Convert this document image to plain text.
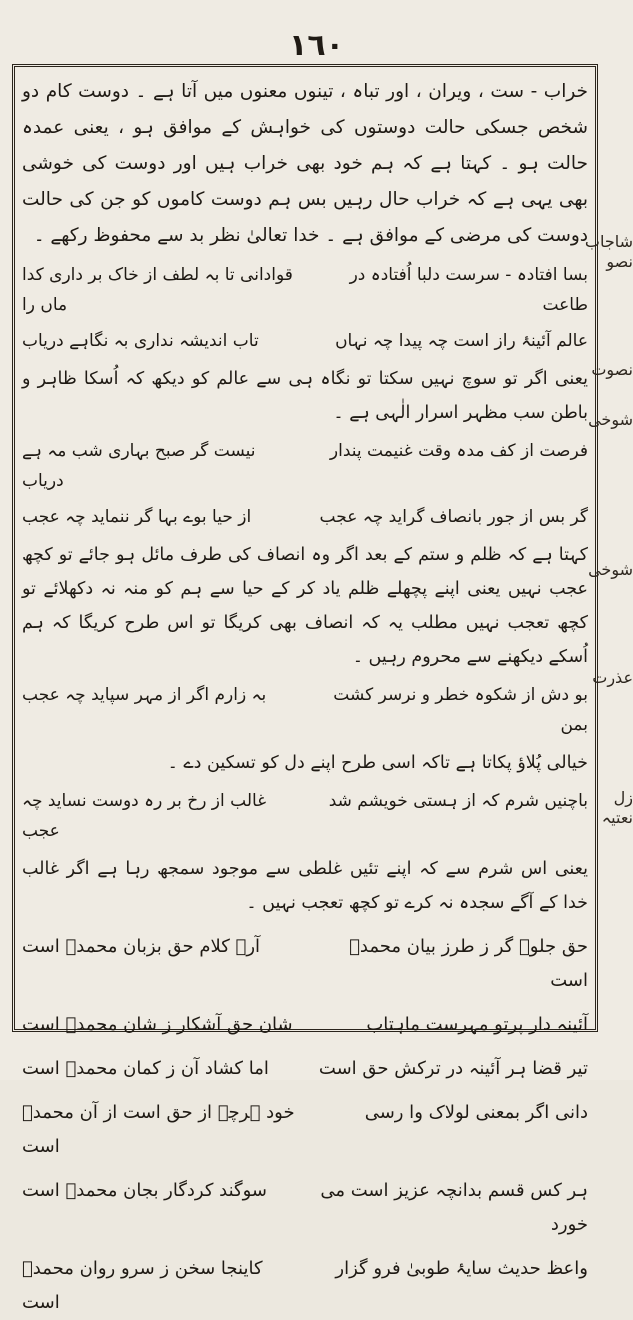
١٦٠

خراب - ست ، ویران ، اور تباہ ، تینوں معنوں میں آتا ہے ۔ دوست کام دو شخص جسکی حالت دوستوں کی خواہش کے موافق ہو ، یعنی عمدہ حالت ہو ۔ کہتا ہے کہ ہم خود بھی خراب ہیں اور دوست کی خوشی بھی یہی ہے کہ خراب حال رہیں بس ہم دوست کاموں کو جن کی حالت دوست کی مرضی کے موافق ہے ۔ خدا تعالیٰ نظر بد سے محفوظ رکھے ۔

بسا افتادہ - سرست دلبا اُفتادہ در طاعت
قوادانی تا بہ لطف از خاک بر داری کدا ماں را
عالم آئینۂ راز است چہ پیدا چہ نہاں
تاب اندیشہ نداری بہ نگاہے دریاب

یعنی اگر تو سوچ نہیں سکتا تو نگاہ ہی سے عالم کو دیکھ کہ اُسکا ظاہر و باطن سب مظہر اسرار الٰہی ہے ۔

فرصت از کف مدہ وقت غنیمت پندار
نیست گر صبح بہاری شب مہ ہے دریاب
گر بس از جور بانصاف گراید چہ عجب
از حیا بوے بہا گر ننماید چہ عجب

کہتا ہے کہ ظلم و ستم کے بعد اگر وہ انصاف کی طرف مائل ہو جائے تو کچھ عجب نہیں یعنی اپنے پچھلے ظلم یاد کر کے حیا سے ہم کو منہ نہ دکھلائے تو کچھ تعجب نہیں مطلب یہ کہ انصاف بھی کریگا تو اس طرح کریگا کہ ہم اُسکے دیکھنے سے محروم رہیں ۔

بو دش از شکوہ خطر و نرسر کشت بمن
بہ زارم اگر از مہر سپاید چہ عجب

خیالی پُلاؤ پکاتا ہے تاکہ اسی طرح اپنے دل کو تسکین دے ۔

باچنیں شرم کہ از ہستی خویشم شد
غالب از رخ بر رہ دوست نساید چہ عجب

یعنی اس شرم سے کہ اپنے تئیں غلطی سے موجود سمجھ رہا ہے اگر غالب خدا کے آگے سجدہ نہ کرے تو کچھ تعجب نہیں ۔

حق جلوہ گر ز طرز بیان محمدؐ است
آرے کلام حق بزبان محمدؐ است
آئینہ دار پرتو مہرست ماہتاب
شان حق آشکار ز شان محمدؐ است
تیر قضا ہر آئینہ در ترکش حق است
اما کشاد آن ز کمان محمدؐ است
دانی اگر بمعنی لولاک وا رسی
خود ہرچہ از حق است از آن محمدؐ است
ہر کس قسم بدانچہ عزیز است می خورد
سوگند کردگار بجان محمدؐ است
واعظ حدیث سایۂ طوبیٰ فرو گزار
کاینجا سخن ز سرو روان محمدؐ است
شاجاب نصو
نصوت
شوخی
شوخی
عذرت
زل نعتیہ
